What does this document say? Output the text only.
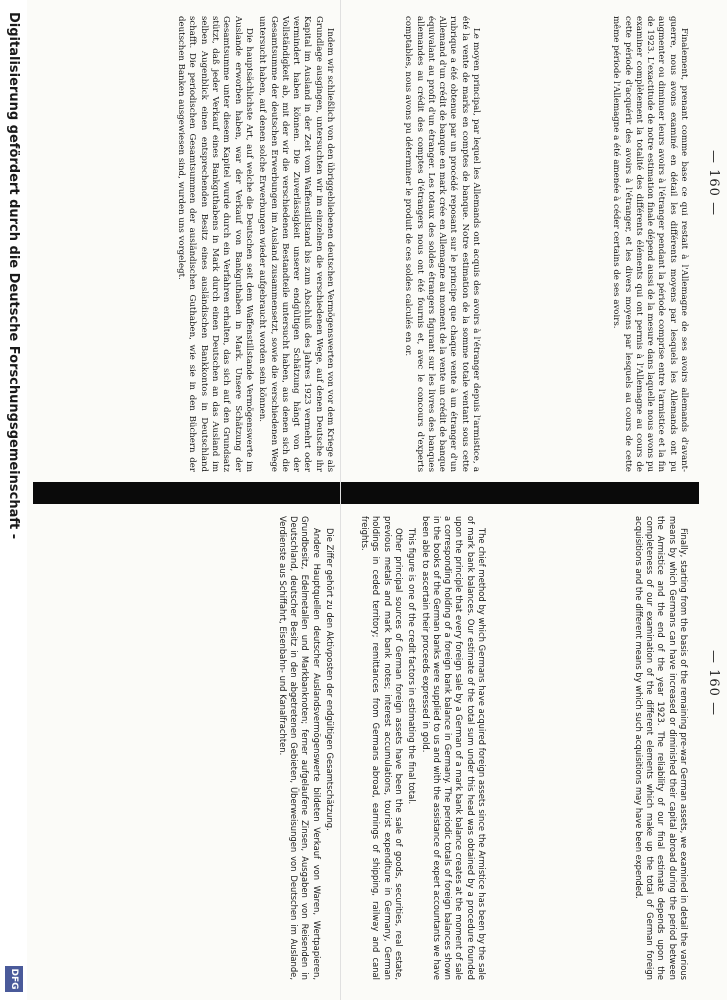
— 160 —
— 160 —

Finalement, prenant comme base ce qui restait à l'Allemagne de ses avoirs allemands d'avant-guerre, nous avons examiné en détail les différents moyens par lesquels les Allemands ont pu augmenter ou diminuer leurs avoirs à l'étranger pendant la période comprise entre l'armistice et la fin de 1923. L'exactitude de notre estimation finale dépend aussi de la mesure dans laquelle nous avons pu examiner complètement la totalité des différents éléments qui ont permis à l'Allemagne au cours de cette période d'acquérir des avoirs à l'étranger, et les divers moyens par lesquels au cours de cette même période l'Allemagne a été amenée à céder certains de ses avoirs.

Le moyen principal, par lequel les Allemands ont acquis des avoirs à l'étranger depuis l'armistice, a été la vente de marks en comptes de banque. Notre estimation de la somme totale ventant sous cette rubrique a été obtenue par un procédé reposant sur le principe que chaque vente à un étranger d'un Allemand d'un crédit de banque en mark crée en Allemagne au moment de la vente un crédit de banque équivalant au profit d'un étranger. Les totaux des soldes étrangers figurant sur les livres des banques allemandes au crédit des comptes d'étrangers nous ont été fournis et, avec le concours d'experts comptables, nous avons pu déterminer le produit de ces soldes calculés en or.

Finally, starting from the basis of the remaining pre-war German assets, we examined in detail the various means by which Germans can have increased or diminished their capital abroad during the period between the Armistice and the end of the year 1923. The reliability of our final estimate depends upon the completeness of our examination of the different elements which make up the total of German foreign acquisitions and the different means by which such acquisitions may have been expended.

The chief method by which Germans have acquired foreign assets since the Armistice has been by the sale of mark bank balances. Our estimate of the total sum under this head was obtained by a procedure founded upon the principle that every foreign sale by a German of a mark bank balance creates at the moment of sale a corresponding holding of a foreign bank balance in Germany. The periodic totals of foreign balances shown in the books of the German banks were supplied to us and with the assistance of expert accountants we have been able to ascertain their proceeds expressed in gold.

This figure is one of the credit factors in estimating the final total.

Other principal sources of German foreign assets have been the sale of goods, securities, real estate, previous metals and mark bank notes; interest accumulations, tourist expenditure in Germany, German holdings in ceded territory; remittances from Germans abroad, earnings of shipping, railway and canal freights.

Indem wir schließlich von den übriggebliebenen deutschen Vermögenswerten von vor dem Kriege als Grundlage ausgingen, untersuchten wir im einzelnen die verschiedenen Wege, auf denen Deutsche ihr Kapital im Ausland in der Zeit vom Waffenstillstand bis zum Abschluß des Jahres 1923 vermehrt oder vermindert haben können. Die Zuverlässigkeit unserer endgültigen Schätzung hängt von der Vollständigkeit ab, mit der wir die verschiedenen Bestandteile untersucht haben, aus denen sich die Gesamtsumme der deutschen Erwerbungen im Ausland zusammensetzt, sowie die verschiedenen Wege untersucht haben, auf denen solche Erwerbungen wieder aufgebraucht worden sein können.

Die hauptsächlichste Art, auf welche die Deutschen seit dem Waffenstillstande Vermögenswerte im Auslande erworben haben, war der Verkauf von Bankguthaben in Mark. Unsere Schätzung der Gesamtsumme unter diesem Kapitel wurde durch ein Verfahren erhalten, das sich auf den Grundsatz stützt, daß jeder Verkauf eines Bankguthabens in Mark durch einen Deutschen an das Ausland im selben Augenblick einen entsprechenden Besitz eines ausländischen Bankkontos in Deutschland schafft. Die periodischen Gesamtsummen der ausländischen Guthaben, wie sie in den Büchern der deutschen Banken ausgewiesen sind, wurden uns vorgelegt.

Die Ziffer gehört zu den Aktivposten der endgültigen Gesamtschätzung.

Andere Hauptquellen deutscher Auslandsvermögenswerte bildeten Verkauf von Waren, Wertpapieren, Grundbesitz, Edelmetallen und Markbanknoten; ferner aufgelaufene Zinsen, Ausgaben von Reisenden in Deutschland, deutscher Besitz in den abgetretenen Gebieten, Überweisungen von Deutschen im Auslande, Verdienste aus Schiffahrt, Eisenbahn- und Kanalfrachten.

Digitalisierung gefördert durch die Deutsche Forschungsgemeinschaft -
DFG
